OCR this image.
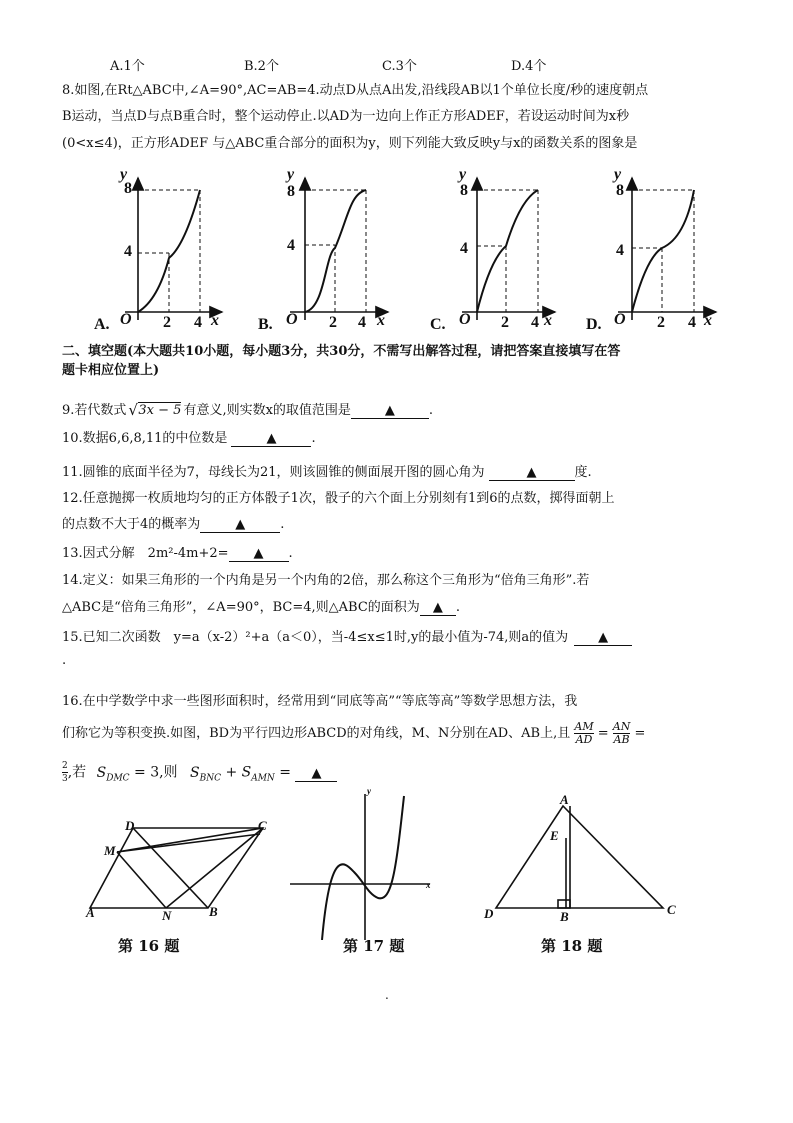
A.1个	B.2个	C.3个	D.4个
8.如图,在Rt△ABC中,∠A=90°,AC=AB=4.动点D从点A出发,沿线段AB以1个单位长度/秒的速度朝点
B运动，当点D与点B重合时，整个运动停止.以AD为一边向上作正方形ADEF，若设运动时间为x秒
(0<x≤4)，正方形ADEF 与△ABC重合部分的面积为y，则下列能大致反映y与x的函数关系的图象是
y
8
4
O 2 4 x
A.
y
8
4
O 2 4 x
B.
y
8
4
O 2 4 x
C.
y
8
4
O 2 4 x
D.
二、填空题(本大题共10小题，每小题3分，共30分，不需写出解答过程，请把答案直接填写在答
题卡相应位置上)
9.若代数式 √ 3x − 5 有意义,则实数x的取值范围是	▲	.
10.数据6,6,8,11的中位数是	▲	.
11.圆锥的底面半径为7，母线长为21，则该圆锥的侧面展开图的圆心角为	▲	度.
12.任意抛掷一枚质地均匀的正方体骰子1次，骰子的六个面上分别刻有1到6的点数，掷得面朝上
的点数不大于4的概率为	▲	.
13.因式分解　2m²-4m+2= ▲ .
14.定义：如果三角形的一个内角是另一个内角的2倍，那么称这个三角形为“倍角三角形”.若
△ABC是“倍角三角形”，∠A=90°，BC=4,则△ABC的面积为 ▲ .
15.已知二次函数　y=a（x-2）²+a（a＜0），当-4≤x≤1时,y的最小值为-74,则a的值为 ▲
.
16.在中学数学中求一些图形面积时，经常用到“同底等高”“等底等高”等数学思想方法，我
们称它为等积变换.如图，BD为平行四边形ABCD的对角线，M、N分别在AD、AB上,且 $\frac{AM}{AD} = \frac{AN}{AB}$ =
$\frac{2}{3}$ ,若 $S_{DMC} = 3$,则 $S_{BNC} + S_{AMN}$ = ▲
D	C
M
A	N	B
第 16 题
y
x
第 17 题
A
E
D	B	C
第 18 题
.
